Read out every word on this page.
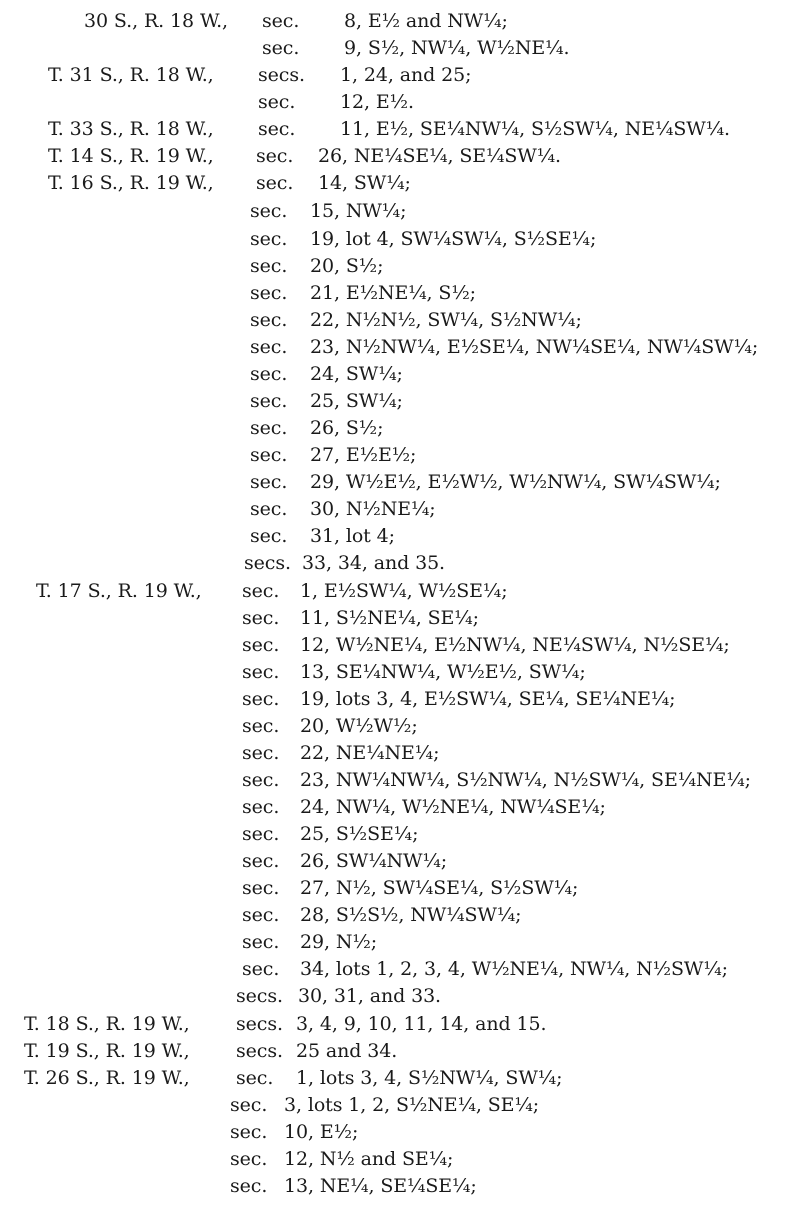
30 S., R. 18 W., sec. 8, E½ and NW¼;
sec. 9, S½, NW¼, W½NE¼.
T. 31 S., R. 18 W., secs. 1, 24, and 25;
sec. 12, E½.
T. 33 S., R. 18 W., sec. 11, E½, SE¼NW¼, S½SW¼, NE¼SW¼.
T. 14 S., R. 19 W., sec. 26, NE¼SE¼, SE¼SW¼.
T. 16 S., R. 19 W., sec. 14, SW¼;
sec. 15, NW¼;
sec. 19, lot 4, SW¼SW¼, S½SE¼;
sec. 20, S½;
sec. 21, E½NE¼, S½;
sec. 22, N½N½, SW¼, S½NW¼;
sec. 23, N½NW¼, E½SE¼, NW¼SE¼, NW¼SW¼;
sec. 24, SW¼;
sec. 25, SW¼;
sec. 26, S½;
sec. 27, E½E½;
sec. 29, W½E½, E½W½, W½NW¼, SW¼SW¼;
sec. 30, N½NE¼;
sec. 31, lot 4;
secs. 33, 34, and 35.
T. 17 S., R. 19 W., sec. 1, E½SW¼, W½SE¼;
sec. 11, S½NE¼, SE¼;
sec. 12, W½NE¼, E½NW¼, NE¼SW¼, N½SE¼;
sec. 13, SE¼NW¼, W½E½, SW¼;
sec. 19, lots 3, 4, E½SW¼, SE¼, SE¼NE¼;
sec. 20, W½W½;
sec. 22, NE¼NE¼;
sec. 23, NW¼NW¼, S½NW¼, N½SW¼, SE¼NE¼;
sec. 24, NW¼, W½NE¼, NW¼SE¼;
sec. 25, S½SE¼;
sec. 26, SW¼NW¼;
sec. 27, N½, SW¼SE¼, S½SW¼;
sec. 28, S½S½, NW¼SW¼;
sec. 29, N½;
sec. 34, lots 1, 2, 3, 4, W½NE¼, NW¼, N½SW¼;
secs. 30, 31, and 33.
T. 18 S., R. 19 W., secs. 3, 4, 9, 10, 11, 14, and 15.
T. 19 S., R. 19 W., secs. 25 and 34.
T. 26 S., R. 19 W., sec. 1, lots 3, 4, S½NW¼, SW¼;
sec. 3, lots 1, 2, S½NE¼, SE¼;
sec. 10, E½;
sec. 12, N½ and SE¼;
sec. 13, NE¼, SE¼SE¼;
